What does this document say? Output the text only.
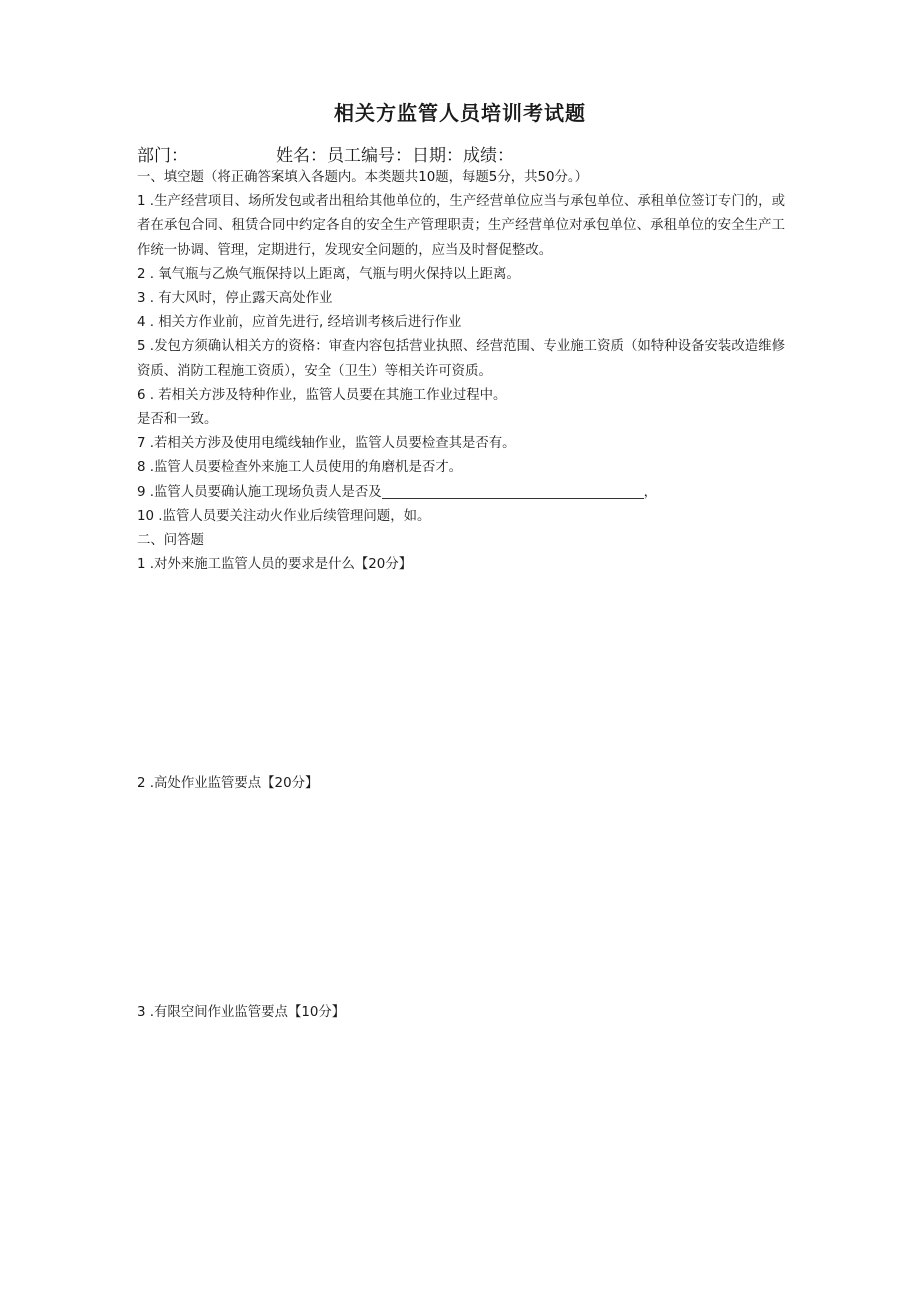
相关方监管人员培训考试题
部门：	姓名：员工编号：日期：成绩：

一、填空题（将正确答案填入各题内。本类题共10题，每题5分，共50分。）

1 .生产经营项目、场所发包或者出租给其他单位的，生产经营单位应当与承包单位、承租单位签订专门的，或者在承包合同、租赁合同中约定各自的安全生产管理职责；生产经营单位对承包单位、承租单位的安全生产工作统一协调、管理，定期进行，发现安全问题的，应当及时督促整改。

2 . 氧气瓶与乙焕气瓶保持以上距离，气瓶与明火保持以上距离。

3 . 有大风时，停止露天高处作业

4 . 相关方作业前，应首先进行, 经培训考核后进行作业

5 .发包方须确认相关方的资格：审查内容包括营业执照、经营范围、专业施工资质（如特种设备安装改造维修资质、消防工程施工资质），安全（卫生）等相关许可资质。

6 . 若相关方涉及特种作业，监管人员要在其施工作业过程中。

是否和一致。

7 .若相关方涉及使用电缆线轴作业，监管人员要检查其是否有。

8 .监管人员要检查外来施工人员使用的角磨机是否才。

9 .监管人员要确认施工现场负责人是否及	，

10 .监管人员要关注动火作业后续管理问题，如。

二、问答题

1 .对外来施工监管人员的要求是什么【20分】

2 .高处作业监管要点【20分】
3 .有限空间作业监管要点【10分】
